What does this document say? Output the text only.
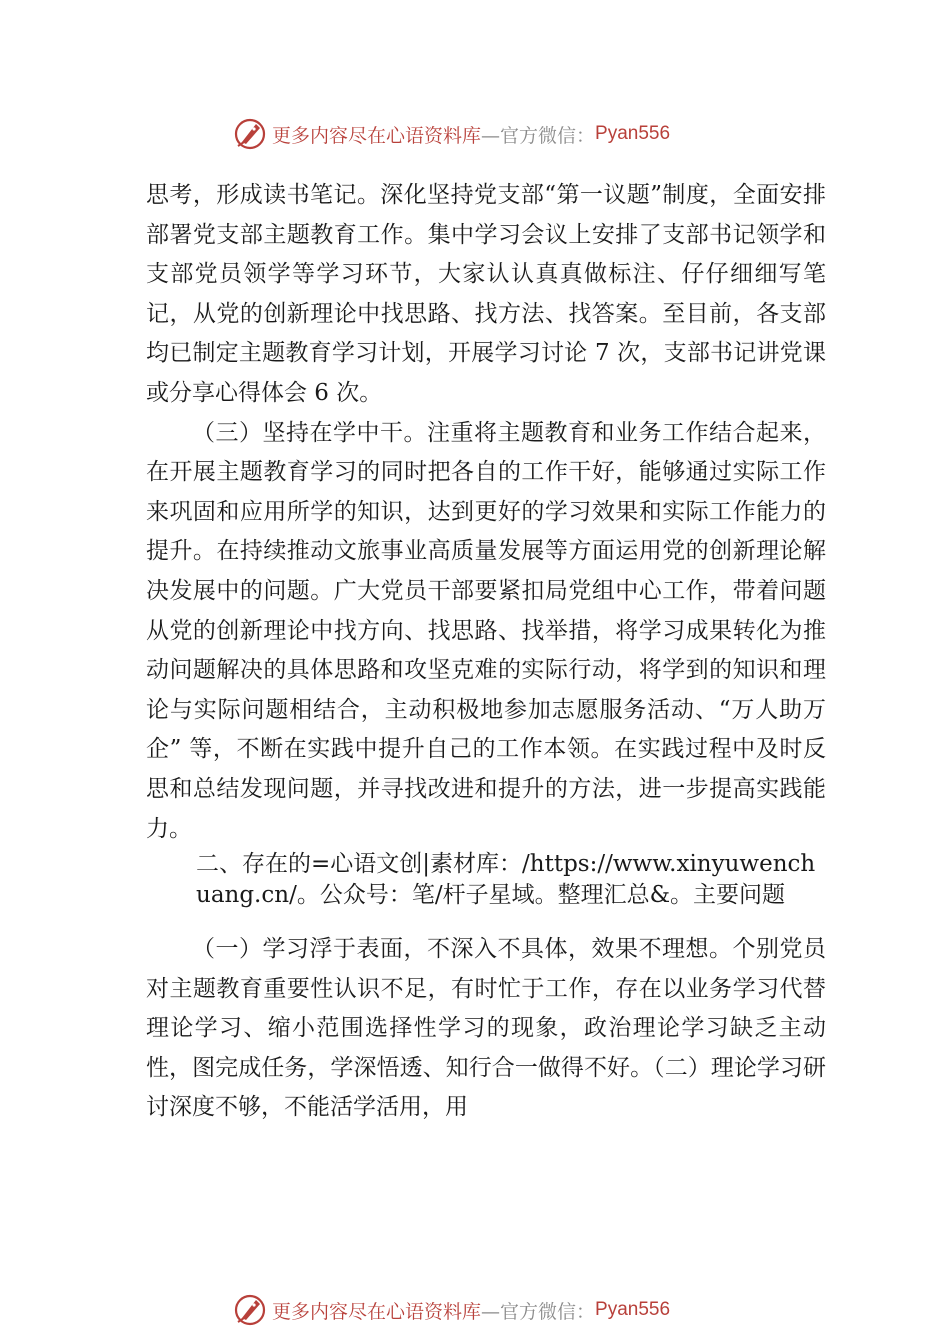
更多内容尽在心语资料库 —官方微信： Pyan556

思考，形成读书笔记。深化坚持党支部“第一议题”制度，全面安排部署党支部主题教育工作。集中学习会议上安排了支部书记领学和支部党员领学等学习环节，大家认认真真做标注、仔仔细细写笔记，从党的创新理论中找思路、找方法、找答案。至目前，各支部均已制定主题教育学习计划，开展学习讨论 7 次，支部书记讲党课或分享心得体会 6 次。

（三）坚持在学中干。注重将主题教育和业务工作结合起来，在开展主题教育学习的同时把各自的工作干好，能够通过实际工作来巩固和应用所学的知识，达到更好的学习效果和实际工作能力的提升。在持续推动文旅事业高质量发展等方面运用党的创新理论解决发展中的问题。广大党员干部要紧扣局党组中心工作，带着问题从党的创新理论中找方向、找思路、找举措，将学习成果转化为推动问题解决的具体思路和攻坚克难的实际行动，将学到的知识和理论与实际问题相结合，主动积极地参加志愿服务活动、“万人助万企” 等，不断在实践中提升自己的工作本领。在实践过程中及时反思和总结发现问题，并寻找改进和提升的方法，进一步提高实践能力。

二、存在的=心语文创|素材库：/https://www.xinyuwenchuang.cn/。公众号：笔/杆子星域。整理汇总&。主要问题

（一）学习浮于表面，不深入不具体，效果不理想。个别党员对主题教育重要性认识不足，有时忙于工作，存在以业务学习代替理论学习、缩小范围选择性学习的现象，政治理论学习缺乏主动性，图完成任务，学深悟透、知行合一做得不好。（二）理论学习研讨深度不够，不能活学活用，用

更多内容尽在心语资料库 —官方微信： Pyan556
